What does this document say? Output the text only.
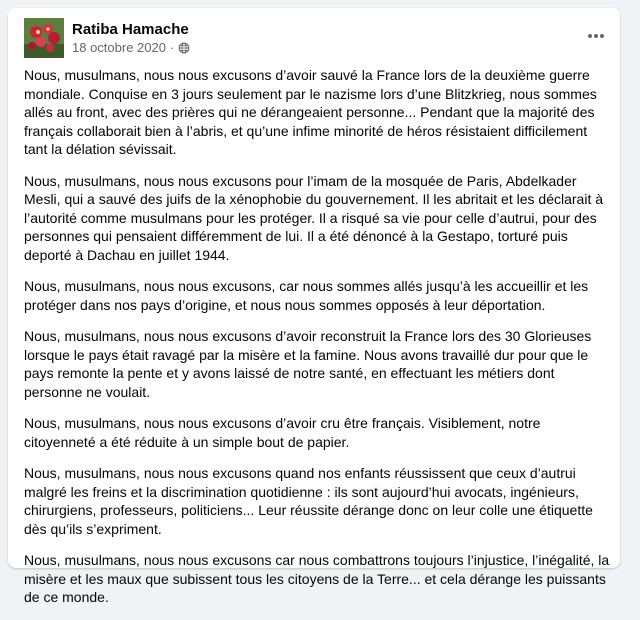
Ratiba Hamache
18 octobre 2020 ·

Nous, musulmans, nous nous excusons d’avoir sauvé la France lors de la deuxième guerre mondiale. Conquise en 3 jours seulement par le nazisme lors d’une Blitzkrieg, nous sommes allés au front, avec des prières qui ne dérangeaient personne... Pendant que la majorité des français collaborait bien à l’abris, et qu’une infime minorité de héros résistaient difficilement tant la délation sévissait.

Nous, musulmans, nous nous excusons pour l’imam de la mosquée de Paris, Abdelkader Mesli, qui a sauvé des juifs de la xénophobie du gouvernement. Il les abritait et les déclarait à l’autorité comme musulmans pour les protéger. Il a risqué sa vie pour celle d’autrui, pour des personnes qui pensaient différemment de lui. Il a été dénoncé à la Gestapo, torturé puis deporté à Dachau en juillet 1944.

Nous, musulmans, nous nous excusons, car nous sommes allés jusqu’à les accueillir et les protéger dans nos pays d’origine, et nous nous sommes opposés à leur déportation.

Nous, musulmans, nous nous excusons d’avoir reconstruit la France lors des 30 Glorieuses lorsque le pays était ravagé par la misère et la famine. Nous avons travaillé dur pour que le pays remonte la pente et y avons laissé de notre santé, en effectuant les métiers dont personne ne voulait.

Nous, musulmans, nous nous excusons d’avoir cru être français. Visiblement, notre citoyenneté a été réduite à un simple bout de papier.

Nous, musulmans, nous nous excusons quand nos enfants réussissent que ceux d’autrui malgré les freins et la discrimination quotidienne : ils sont aujourd’hui avocats, ingénieurs, chirurgiens, professeurs, politiciens... Leur réussite dérange donc on leur colle une étiquette dès qu’ils s’expriment.

Nous, musulmans, nous nous excusons car nous combattrons toujours l’injustice, l’inégalité, la misère et les maux que subissent tous les citoyens de la Terre... et cela dérange les puissants de ce monde.
